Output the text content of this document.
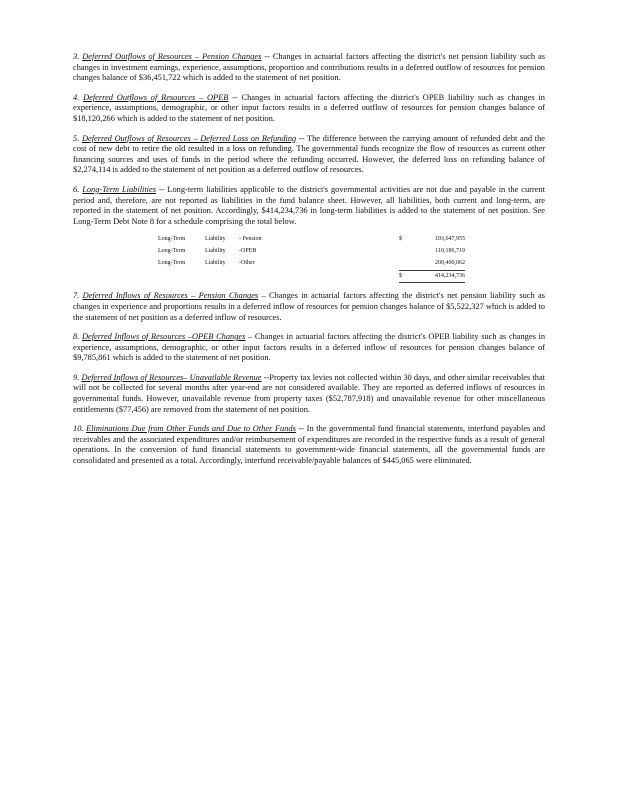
3. Deferred Outflows of Resources – Pension Changes -- Changes in actuarial factors affecting the district's net pension liability such as changes in investment earnings, experience, assumptions, proportion and contributions results in a deferred outflow of resources for pension changes balance of $36,451,722 which is added to the statement of net position.

4. Deferred Outflows of Resources – OPEB -- Changes in actuarial factors affecting the district's OPEB liability such as changes in experience, assumptions, demographic, or other input factors results in a deferred outflow of resources for pension changes balance of $18,120,266 which is added to the statement of net position.

5. Deferred Outflows of Resources – Deferred Loss on Refunding -- The difference between the carrying amount of refunded debt and the cost of new debt to retire the old resulted in a loss on refunding. The governmental funds recognize the flow of resources as current other financing sources and uses of funds in the period where the refunding occurred. However, the deferred loss on refunding balance of $2,274,114 is added to the statement of net position as a deferred outflow of resources.

6. Long-Term Liabilities -- Long-term liabilities applicable to the district's governmental activities are not due and payable in the current period and, therefore, are not reported as liabilities in the fund balance sheet. However, all liabilities, both current and long-term, are reported in the statement of net position. Accordingly, $414,234,736 in long-term liabilities is added to the statement of net position. See Long-Term Debt Note 8 for a schedule comprising the total below.

Long-Term	Liability - Pension	$	103,647,955
Long-Term	Liability -OPEB	110,186,719
Long-Term	Liability -Other	200,400,062
$	414,234,736

7. Deferred Inflows of Resources – Pension Changes – Changes in actuarial factors affecting the district's net pension liability such as changes in experience and proportions results in a deferred inflow of resources for pension changes balance of $5,522,327 which is added to the statement of net position as a deferred inflow of resources.

8. Deferred Inflows of Resources –OPEB Changes – Changes in actuarial factors affecting the district's OPEB liability such as changes in experience, assumptions, demographic, or other input factors results in a deferred inflow of resources for pension changes balance of $9,785,861 which is added to the statement of net position.

9. Deferred Inflows of Resources– Unavailable Revenue --Property tax levies not collected within 30 days, and other similar receivables that will not be collected for several months after year-end are not considered available. They are reported as deferred inflows of resources in governmental funds. However, unavailable revenue from property taxes ($52,787,918) and unavailable revenue for other miscellaneous entitlements ($77,456) are removed from the statement of net position.

10. Eliminations Due from Other Funds and Due to Other Funds -- In the governmental fund financial statements, interfund payables and receivables and the associated expenditures and/or reimbursement of expenditures are recorded in the respective funds as a result of general operations. In the conversion of fund financial statements to government-wide financial statements, all the governmental funds are consolidated and presented as a total. Accordingly, interfund receivable/payable balances of $445,065 were eliminated.
